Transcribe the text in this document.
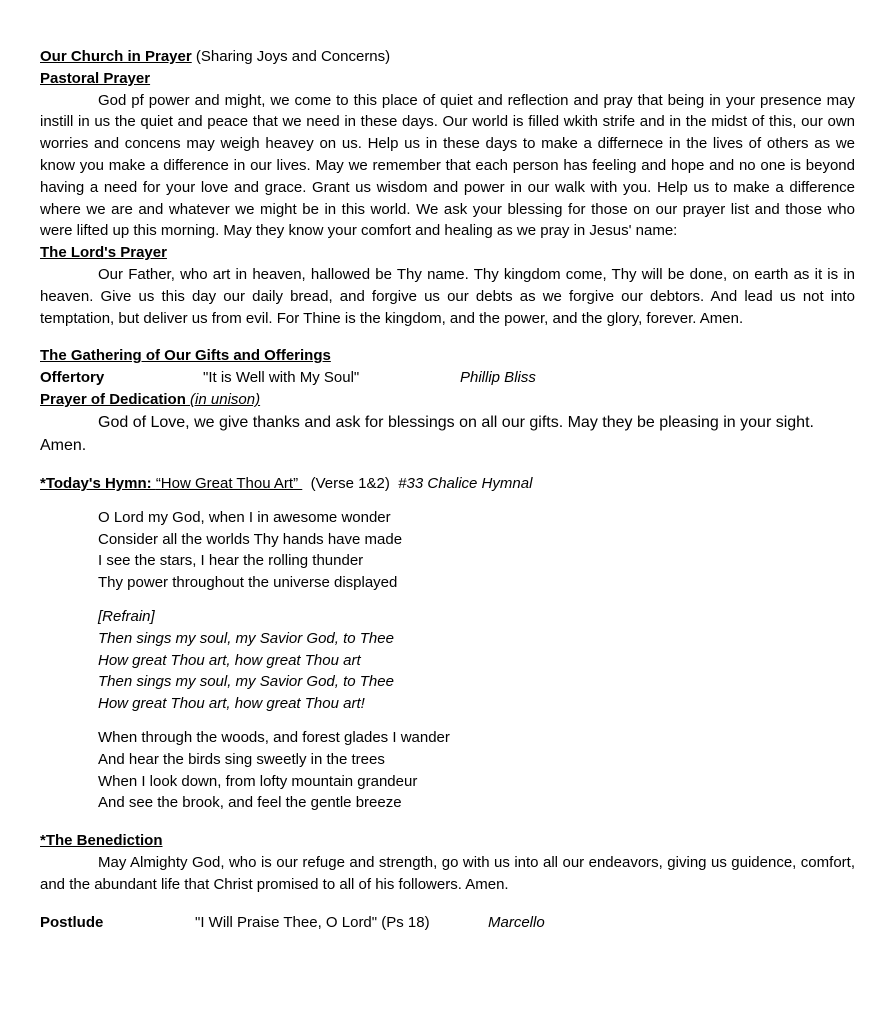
Our Church in Prayer (Sharing Joys and Concerns)
Pastoral Prayer
God pf power and might, we come to this place of quiet and reflection and pray that being in your presence may instill in us the quiet and peace that we need in these days. Our world is filled wkith strife and in the midst of this, our own worries and concens may weigh heavey on us. Help us in these days to make a differnece in the lives of others as we know you make a difference in our lives. May we remember that each person has feeling and hope and no one is beyond having a need for your love and grace. Grant us wisdom and power in our walk with you. Help us to make a difference where we are and whatever we might be in this world. We ask your blessing for those on our prayer list and those who were lifted up this morning. May they know your comfort and healing as we pray in Jesus' name:
The Lord's Prayer
Our Father, who art in heaven, hallowed be Thy name. Thy kingdom come, Thy will be done, on earth as it is in heaven. Give us this day our daily bread, and forgive us our debts as we forgive our debtors. And lead us not into temptation, but deliver us from evil. For Thine is the kingdom, and the power, and the glory, forever. Amen.
The Gathering of Our Gifts and Offerings
Offertory	"It is Well with My Soul"	Phillip Bliss
Prayer of Dedication (in unison)
God of Love, we give thanks and ask for blessings on all our gifts. May they be pleasing in your sight. Amen.
*Today's Hymn: “How Great Thou Art”   (Verse 1&2) #33 Chalice Hymnal
O Lord my God, when I in awesome wonder
Consider all the worlds Thy hands have made
I see the stars, I hear the rolling thunder
Thy power throughout the universe displayed
[Refrain]
Then sings my soul, my Savior God, to Thee
How great Thou art, how great Thou art
Then sings my soul, my Savior God, to Thee
How great Thou art, how great Thou art!
When through the woods, and forest glades I wander
And hear the birds sing sweetly in the trees
When I look down, from lofty mountain grandeur
And see the brook, and feel the gentle breeze
*The Benediction
May Almighty God, who is our refuge and strength, go with us into all our endeavors, giving us guidence, comfort, and the abundant life that Christ promised to all of his followers. Amen.
Postlude	"I Will Praise Thee, O Lord" (Ps 18)	Marcello
